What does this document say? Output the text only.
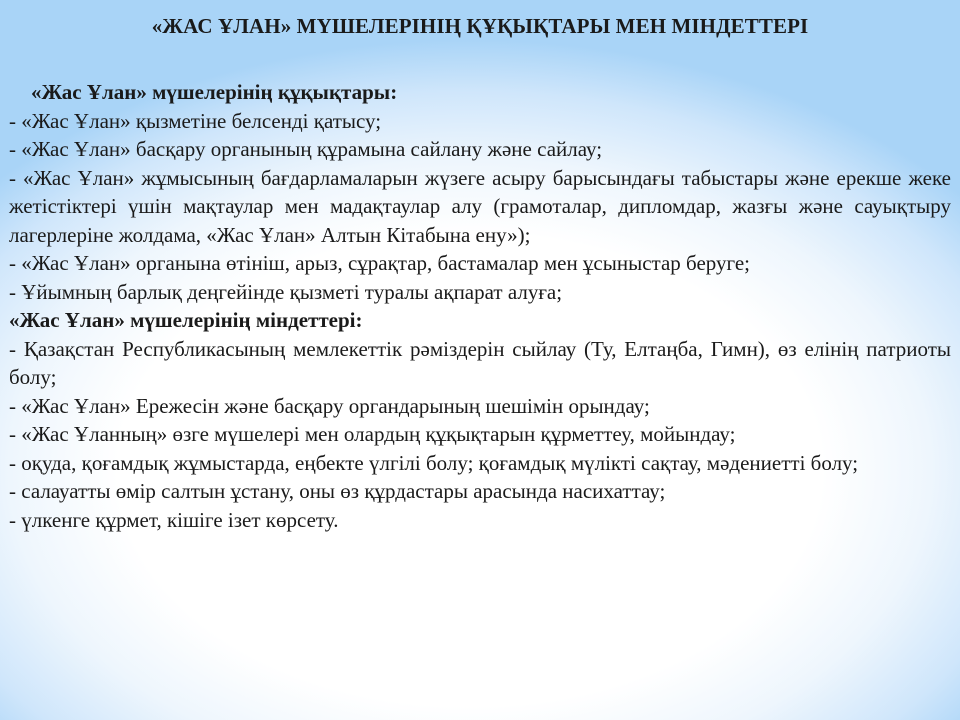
«ЖАС ҰЛАН» МҮШЕЛЕРІНІҢ ҚҰҚЫҚТАРЫ МЕН МІНДЕТТЕРІ

«Жас Ұлан» мүшелерінің құқықтары:

- «Жас Ұлан» қызметіне белсенді қатысу;

- «Жас Ұлан» басқару органының құрамына сайлану және сайлау;

- «Жас Ұлан» жұмысының бағдарламаларын жүзеге асыру барысындағы табыстары және ерекше жеке жетістіктері үшін мақтаулар мен мадақтаулар алу (грамоталар, дипломдар, жазғы және сауықтыру лагерлеріне жолдама, «Жас Ұлан» Алтын Кітабына ену»);

- «Жас Ұлан» органына өтініш, арыз, сұрақтар, бастамалар мен ұсыныстар беруге;

- Ұйымның барлық деңгейінде қызметі туралы ақпарат алуға;

«Жас Ұлан» мүшелерінің міндеттері:

- Қазақстан Республикасының мемлекеттік рәміздерін сыйлау (Ту, Елтаңба, Гимн), өз елінің патриоты болу;

- «Жас Ұлан» Ережесін және басқару органдарының шешімін орындау;

- «Жас Ұланның» өзге мүшелері мен олардың құқықтарын құрметтеу, мойындау;

- оқуда, қоғамдық жұмыстарда, еңбекте үлгілі болу; қоғамдық мүлікті сақтау, мәдениетті болу;

- салауатты өмір салтын ұстану, оны өз құрдастары арасында насихаттау;

- үлкенге құрмет, кішіге ізет көрсету.
